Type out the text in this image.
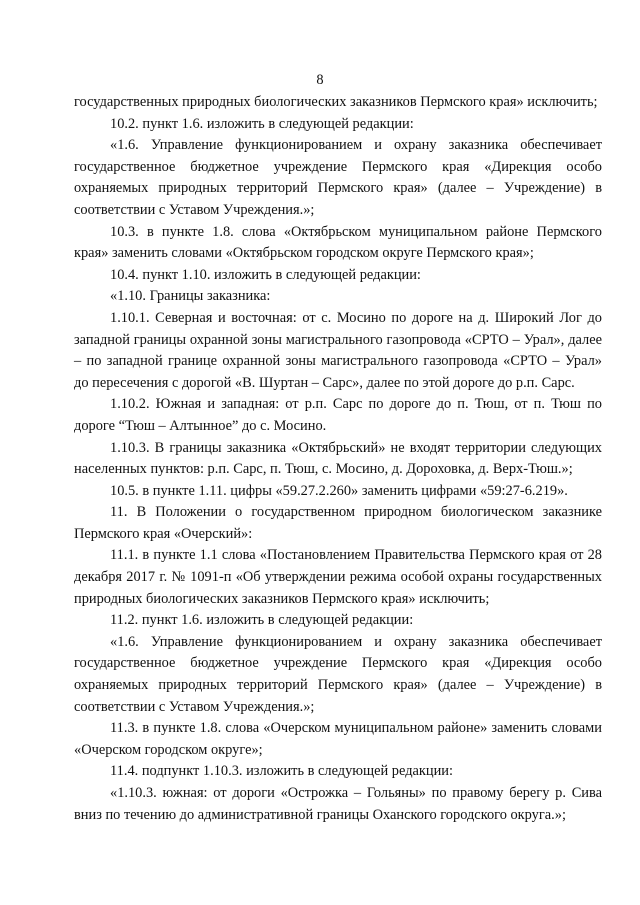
8

государственных природных биологических заказников Пермского края» исключить;

10.2. пункт 1.6. изложить в следующей редакции:

«1.6. Управление функционированием и охрану заказника обеспечивает государственное бюджетное учреждение Пермского края «Дирекция особо охраняемых природных территорий Пермского края» (далее – Учреждение) в соответствии с Уставом Учреждения.»;

10.3. в пункте 1.8. слова «Октябрьском муниципальном районе Пермского края» заменить словами «Октябрьском городском округе Пермского края»;

10.4. пункт 1.10. изложить в следующей редакции:

«1.10. Границы заказника:

1.10.1. Северная и восточная: от с. Мосино по дороге на д. Широкий Лог до западной границы охранной зоны магистрального газопровода «СРТО – Урал», далее – по западной границе охранной зоны магистрального газопровода «СРТО – Урал» до пересечения с дорогой «В. Шуртан – Сарс», далее по этой дороге до р.п. Сарс.

1.10.2. Южная и западная: от р.п. Сарс по дороге до п. Тюш, от п. Тюш по дороге “Тюш – Алтынное” до с. Мосино.

1.10.3. В границы заказника «Октябрьский» не входят территории следующих населенных пунктов: р.п. Сарс, п. Тюш, с. Мосино, д. Дороховка, д. Верх-Тюш.»;

10.5. в пункте 1.11. цифры «59.27.2.260» заменить цифрами «59:27-6.219».

11. В Положении о государственном природном биологическом заказнике Пермского края «Очерский»:

11.1. в пункте 1.1 слова «Постановлением Правительства Пермского края от 28 декабря 2017 г. № 1091-п «Об утверждении режима особой охраны государственных природных биологических заказников Пермского края» исключить;

11.2. пункт 1.6. изложить в следующей редакции:

«1.6. Управление функционированием и охрану заказника обеспечивает государственное бюджетное учреждение Пермского края «Дирекция особо охраняемых природных территорий Пермского края» (далее – Учреждение) в соответствии с Уставом Учреждения.»;

11.3. в пункте 1.8. слова «Очерском муниципальном районе» заменить словами «Очерском городском округе»;

11.4. подпункт 1.10.3. изложить в следующей редакции:

«1.10.3. южная: от дороги «Острожка – Гольяны» по правому берегу р. Сива вниз по течению до административной границы Оханского городского округа.»;
